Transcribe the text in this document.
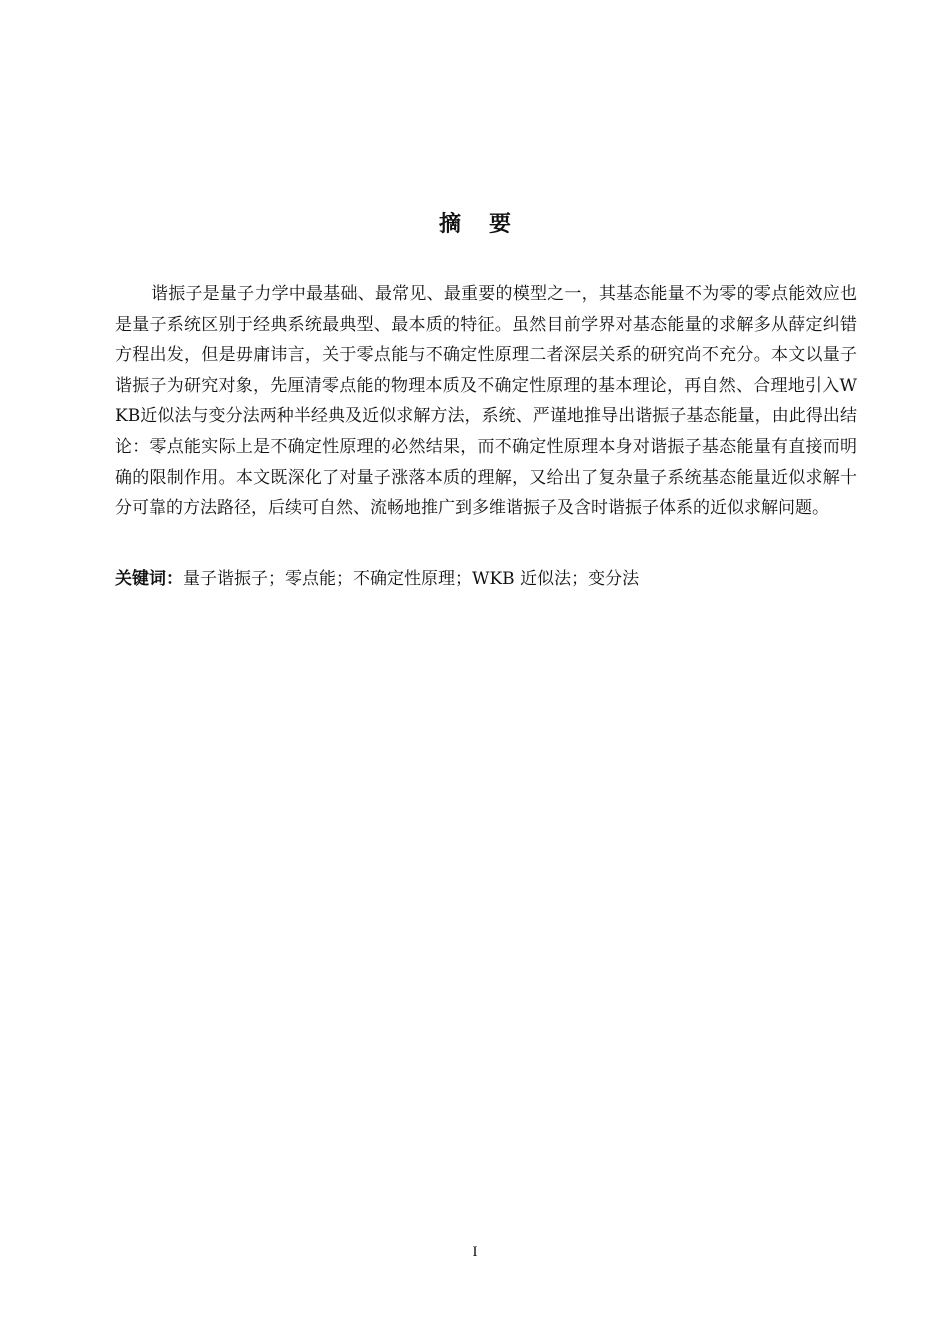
摘 要

谐振子是量子力学中最基础、最常见、最重要的模型之一，其基态能量不为零的零点能效应也是量子系统区别于经典系统最典型、最本质的特征。虽然目前学界对基态能量的求解多从薛定纠错方程出发，但是毋庸讳言，关于零点能与不确定性原理二者深层关系的研究尚不充分。本文以量子谐振子为研究对象，先厘清零点能的物理本质及不确定性原理的基本理论，再自然、合理地引入WKB近似法与变分法两种半经典及近似求解方法，系统、严谨地推导出谐振子基态能量，由此得出结论：零点能实际上是不确定性原理的必然结果，而不确定性原理本身对谐振子基态能量有直接而明确的限制作用。本文既深化了对量子涨落本质的理解，又给出了复杂量子系统基态能量近似求解十分可靠的方法路径，后续可自然、流畅地推广到多维谐振子及含时谐振子体系的近似求解问题。

关键词：量子谐振子；零点能；不确定性原理；WKB 近似法；变分法

I
